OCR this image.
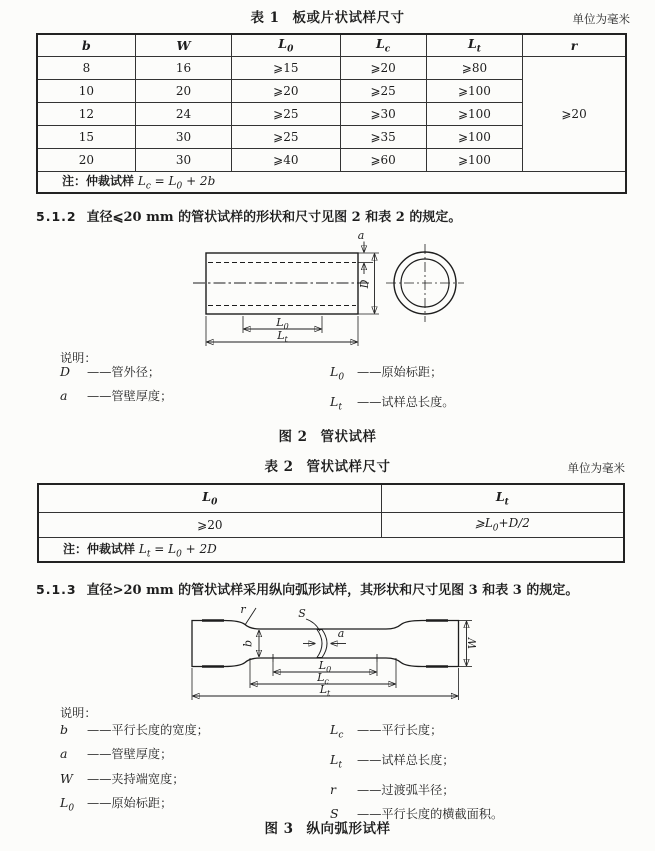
表 1 板或片状试样尺寸	单位为毫米
b	W	$L_0$	$L_c$	$L_t$	r
8	16	⩾15	⩾20	⩾80	⩾20
10	20	⩾20	⩾25	⩾100	
12	24	⩾25	⩾30	⩾100	
15	30	⩾25	⩾35	⩾100	
20	30	⩾40	⩾60	⩾100	
注：仲裁试样 $L_c = L_0 + 2b$					
5.1.2 直径⩽20 mm 的管状试样的形状和尺寸见图 2 和表 2 的规定。
a
D
$L_0$
$L_t$
说明：
D ——管外径；
a ——管壁厚度；
$L_0$ ——原始标距；
$L_t$ ——试样总长度。
图 2 管状试样
表 2 管状试样尺寸	单位为毫米
$L_0$	$L_t$
⩾20	$⩾L_0+D/2$
注：仲裁试样 $L_t = L_0 + 2D$	
5.1.3 直径>20 mm 的管状试样采用纵向弧形试样，其形状和尺寸见图 3 和表 3 的规定。
r	S
a
b	W
$L_0$
$L_c$
$L_t$
说明：
b ——平行长度的宽度；
a ——管壁厚度；
W ——夹持端宽度；
$L_0$ ——原始标距；
$L_c$ ——平行长度；
$L_t$ ——试样总长度；
r ——过渡弧半径；
S ——平行长度的横截面积。
图 3 纵向弧形试样
